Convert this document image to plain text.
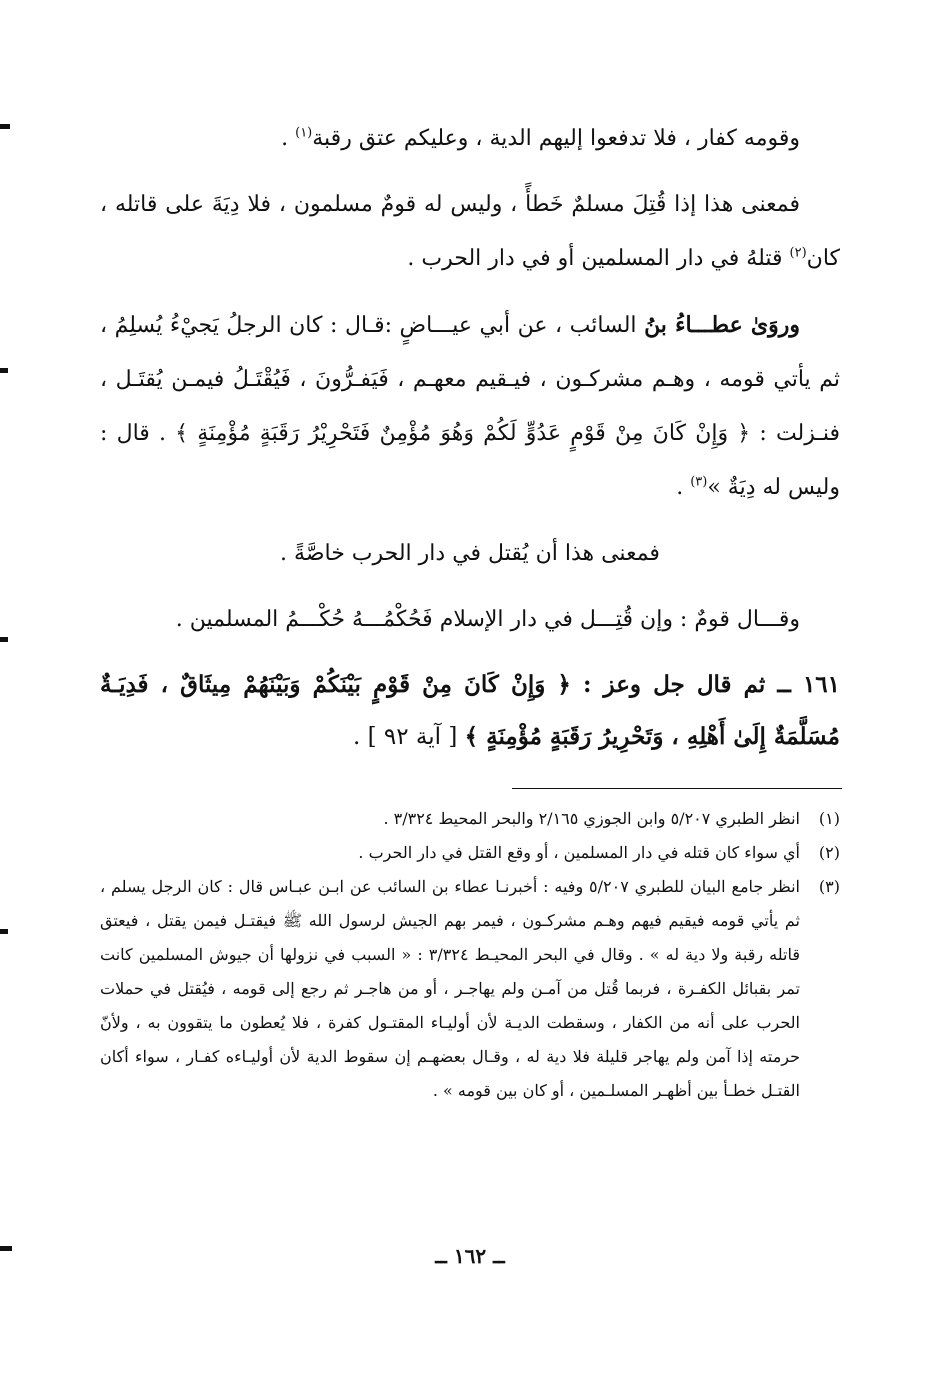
وقومه كفار ، فلا تدفعوا إليهم الدية ، وعليكم عتق رقبة$^{(١)}$ .

فمعنى هذا إذا قُتِلَ مسلمٌ خَطأً ، وليس له قومٌ مسلمون ، فلا دِيَةَ على قاتله ، كان$^{(٢)}$ قتلهُ في دار المسلمين أو في دار الحرب .

وروَىٰ عطـــاءُ بنُ السائب ، عن أبي عيـــاضٍ :قـال : كان الرجلُ يَجيْءُ يُسلِمُ ، ثم يأتي قومه ، وهـم مشركـون ، فيـقيم معهـم ، فَيَفـرُّونَ ، فَيُقْتَـلُ فيمـن يُقتَـل ، فنـزلت : ﴿ وَإِنْ كَانَ مِنْ قَوْمٍ عَدُوٍّ لَكُمْ وَهُوَ مُؤْمِنٌ فَتَحْرِيْرُ رَقَبَةٍ مُؤْمِنَةٍ ﴾ . قال : وليس له دِيَةٌ »$^{(٣)}$ .

فمعنى هذا أن يُقتل في دار الحرب خاصَّةً .

وقـــال قومٌ : وإن قُتِـــل في دار الإسلام فَحُكْمُـــهُ حُكْـــمُ المسلمين .

١٦١ ــ ثم قال جل وعز : ﴿ وَإِنْ كَانَ مِنْ قَوْمٍ بَيْنَكُمْ وَبَيْنَهُمْ مِيثَاقٌ ، فَدِيَـةٌ مُسَلَّمَةٌ إِلَىٰ أَهْلِهِ ، وَتَحْرِيرُ رَقَبَةٍ مُؤْمِنَةٍ ﴾ [ آية ٩٢ ] .

(١)
انظر الطبري ٥/٢٠٧ وابن الجوزي ٢/١٦٥ والبحر المحيط ٣/٣٢٤ .
(٢)
أي سواء كان قتله في دار المسلمين ، أو وقع القتل في دار الحرب .
(٣)
انظر جامع البيان للطبري ٥/٢٠٧ وفيه : أخبرنـا عطاء بن السائب عن ابـن عبـاس قال : كان الرجل يسلم ، ثم يأتي قومه فيقيم فيهم وهـم مشركـون ، فيمر بهم الجيش لرسول الله ﷺ فيقتـل فيمن يقتل ، فيعتق قاتله رقبة ولا دية له » . وقال في البحر المحيـط ٣/٣٢٤ : « السبب في نزولها أن جيوش المسلمين كانت تمر بقبائل الكفـرة ، فربما قُتل من آمـن ولم يهاجـر ، أو من هاجـر ثم رجع إلى قومه ، فيُقتل في حملات الحرب على أنه من الكفار ، وسقطت الديـة لأن أوليـاء المقتـول كفرة ، فلا يُعطون ما يتقوون به ، ولأنّ حرمته إذا آمن ولم يهاجر قليلة فلا دية له ، وقـال بعضهـم إن سقوط الدية لأن أوليـاءه كفـار ، سواء أكان القتـل خطـأ بين أظهـر المسلـمين ، أو كان بين قومه » .
ــ ١٦٢ ــ
